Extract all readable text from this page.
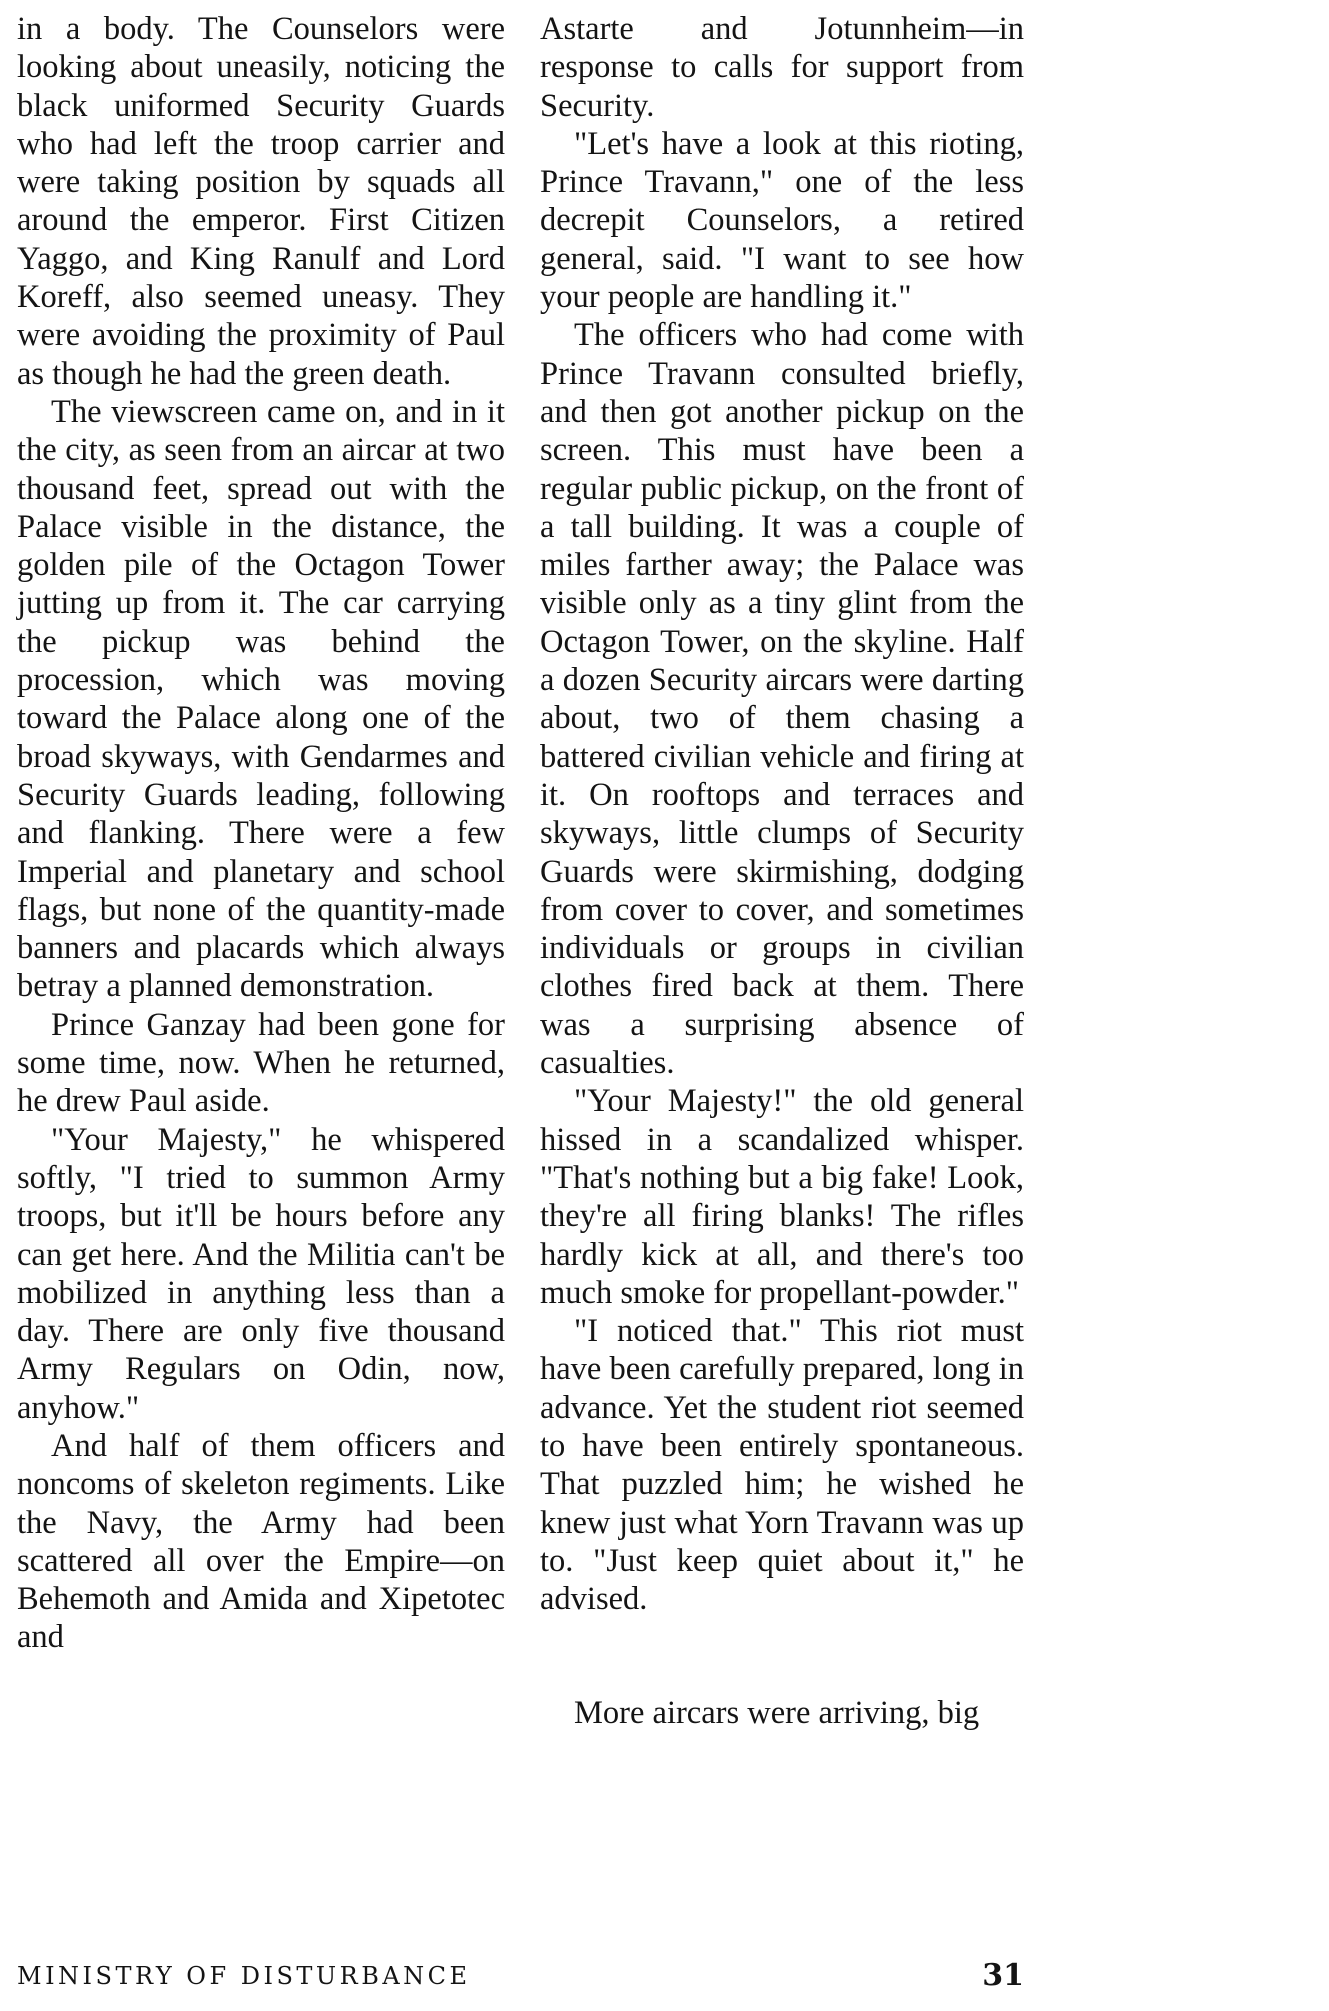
in a body. The Counselors were looking about uneasily, noticing the black uniformed Security Guards who had left the troop carrier and were taking position by squads all around the emperor. First Citizen Yaggo, and King Ranulf and Lord Koreff, also seemed uneasy. They were avoiding the proximity of Paul as though he had the green death.

The viewscreen came on, and in it the city, as seen from an aircar at two thousand feet, spread out with the Palace visible in the distance, the golden pile of the Octagon Tower jutting up from it. The car carrying the pickup was behind the procession, which was moving toward the Palace along one of the broad skyways, with Gendarmes and Security Guards leading, following and flanking. There were a few Imperial and planetary and school flags, but none of the quantity-made banners and placards which always betray a planned demonstration.

Prince Ganzay had been gone for some time, now. When he returned, he drew Paul aside.

"Your Majesty," he whispered softly, "I tried to summon Army troops, but it'll be hours before any can get here. And the Militia can't be mobilized in anything less than a day. There are only five thousand Army Regulars on Odin, now, anyhow."

And half of them officers and noncoms of skeleton regiments. Like the Navy, the Army had been scattered all over the Empire—on Behemoth and Amida and Xipetotec and

Astarte and Jotunnheim—in response to calls for support from Security.

"Let's have a look at this rioting, Prince Travann," one of the less decrepit Counselors, a retired general, said. "I want to see how your people are handling it."

The officers who had come with Prince Travann consulted briefly, and then got another pickup on the screen. This must have been a regular public pickup, on the front of a tall building. It was a couple of miles farther away; the Palace was visible only as a tiny glint from the Octagon Tower, on the skyline. Half a dozen Security aircars were darting about, two of them chasing a battered civilian vehicle and firing at it. On rooftops and terraces and skyways, little clumps of Security Guards were skirmishing, dodging from cover to cover, and sometimes individuals or groups in civilian clothes fired back at them. There was a surprising absence of casualties.

"Your Majesty!" the old general hissed in a scandalized whisper. "That's nothing but a big fake! Look, they're all firing blanks! The rifles hardly kick at all, and there's too much smoke for propellant-powder."

"I noticed that." This riot must have been carefully prepared, long in advance. Yet the student riot seemed to have been entirely spontaneous. That puzzled him; he wished he knew just what Yorn Travann was up to. "Just keep quiet about it," he advised.

More aircars were arriving, big

MINISTRY OF DISTURBANCE	31
